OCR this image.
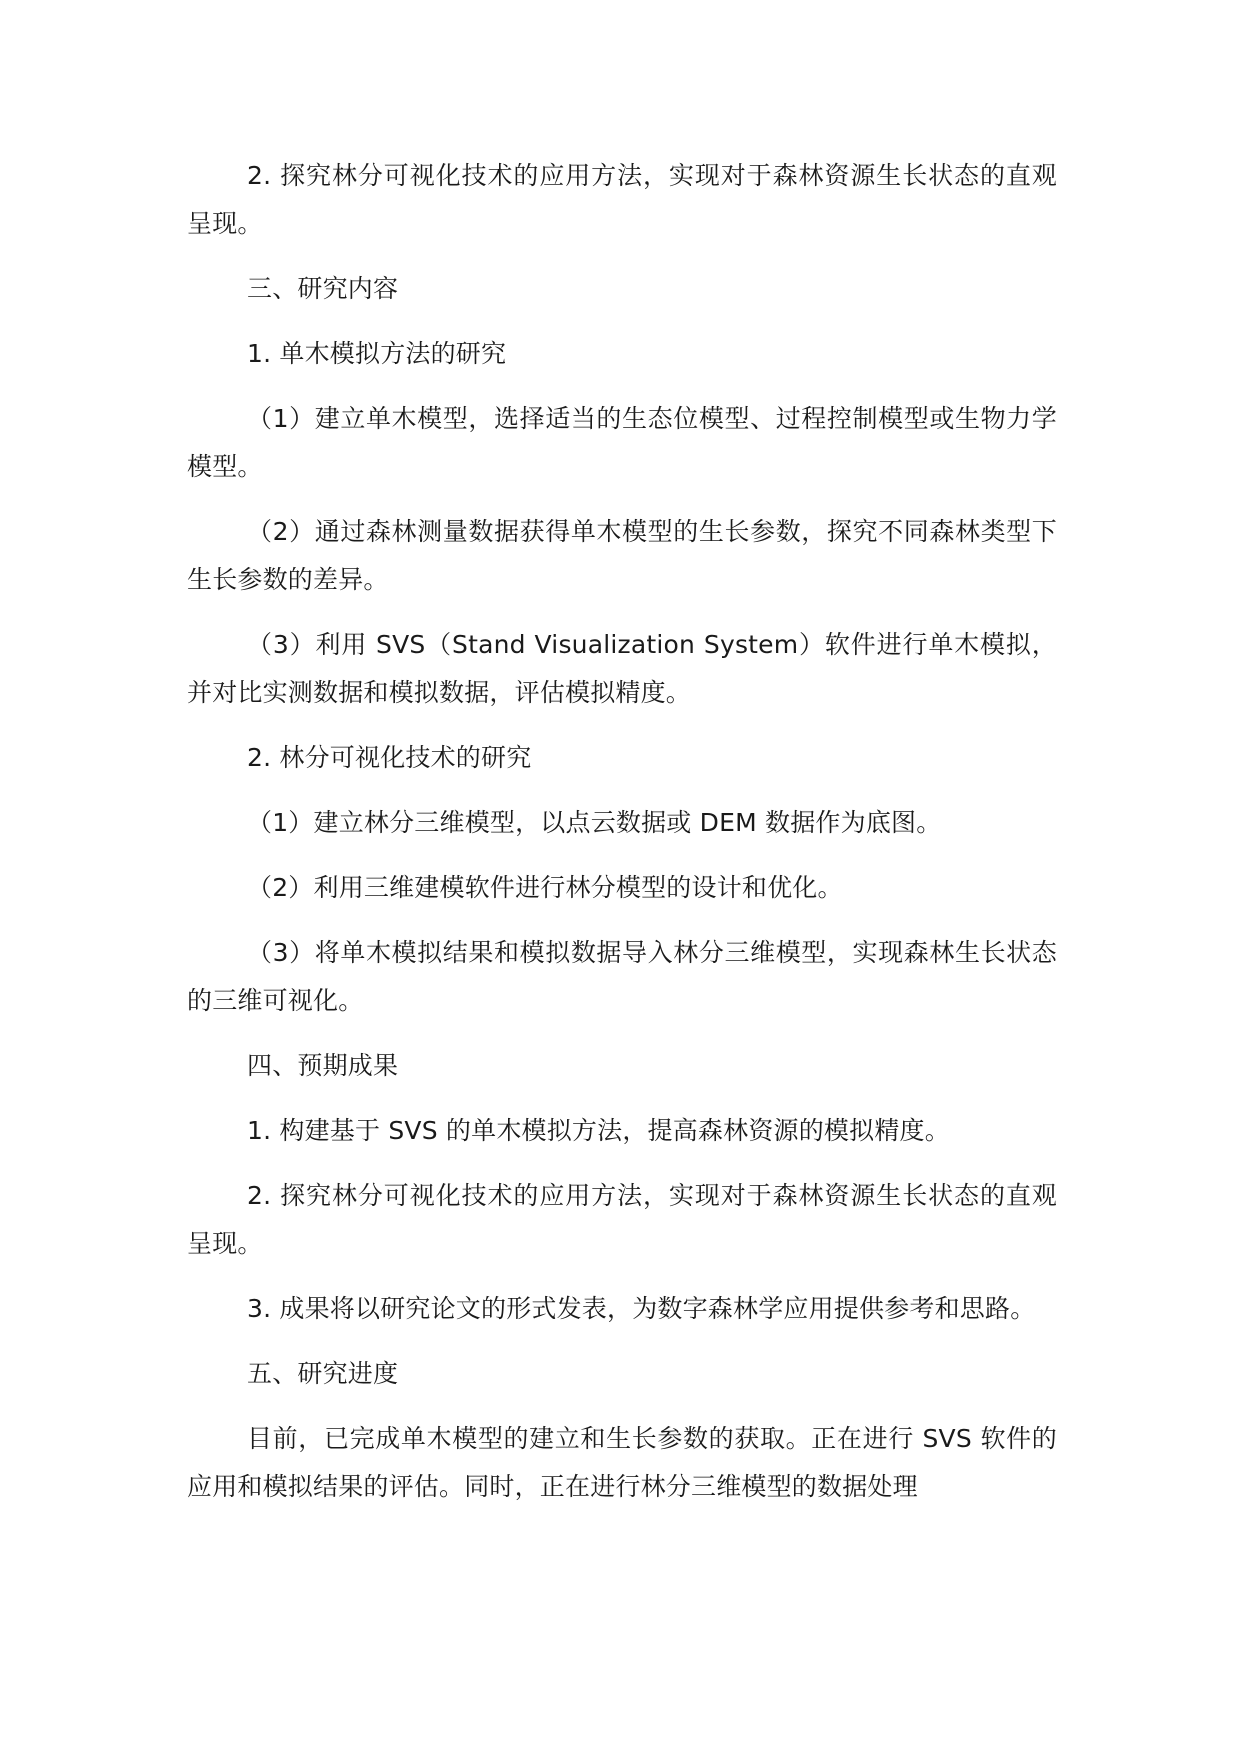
2. 探究林分可视化技术的应用方法，实现对于森林资源生长状态的直观呈现。

三、研究内容

1. 单木模拟方法的研究

（1）建立单木模型，选择适当的生态位模型、过程控制模型或生物力学模型。

（2）通过森林测量数据获得单木模型的生长参数，探究不同森林类型下生长参数的差异。

（3）利用 SVS（Stand Visualization System）软件进行单木模拟，并对比实测数据和模拟数据，评估模拟精度。

2. 林分可视化技术的研究

（1）建立林分三维模型，以点云数据或 DEM 数据作为底图。

（2）利用三维建模软件进行林分模型的设计和优化。

（3）将单木模拟结果和模拟数据导入林分三维模型，实现森林生长状态的三维可视化。

四、预期成果

1. 构建基于 SVS 的单木模拟方法，提高森林资源的模拟精度。

2. 探究林分可视化技术的应用方法，实现对于森林资源生长状态的直观呈现。

3. 成果将以研究论文的形式发表，为数字森林学应用提供参考和思路。

五、研究进度

目前，已完成单木模型的建立和生长参数的获取。正在进行 SVS 软件的应用和模拟结果的评估。同时，正在进行林分三维模型的数据处理
